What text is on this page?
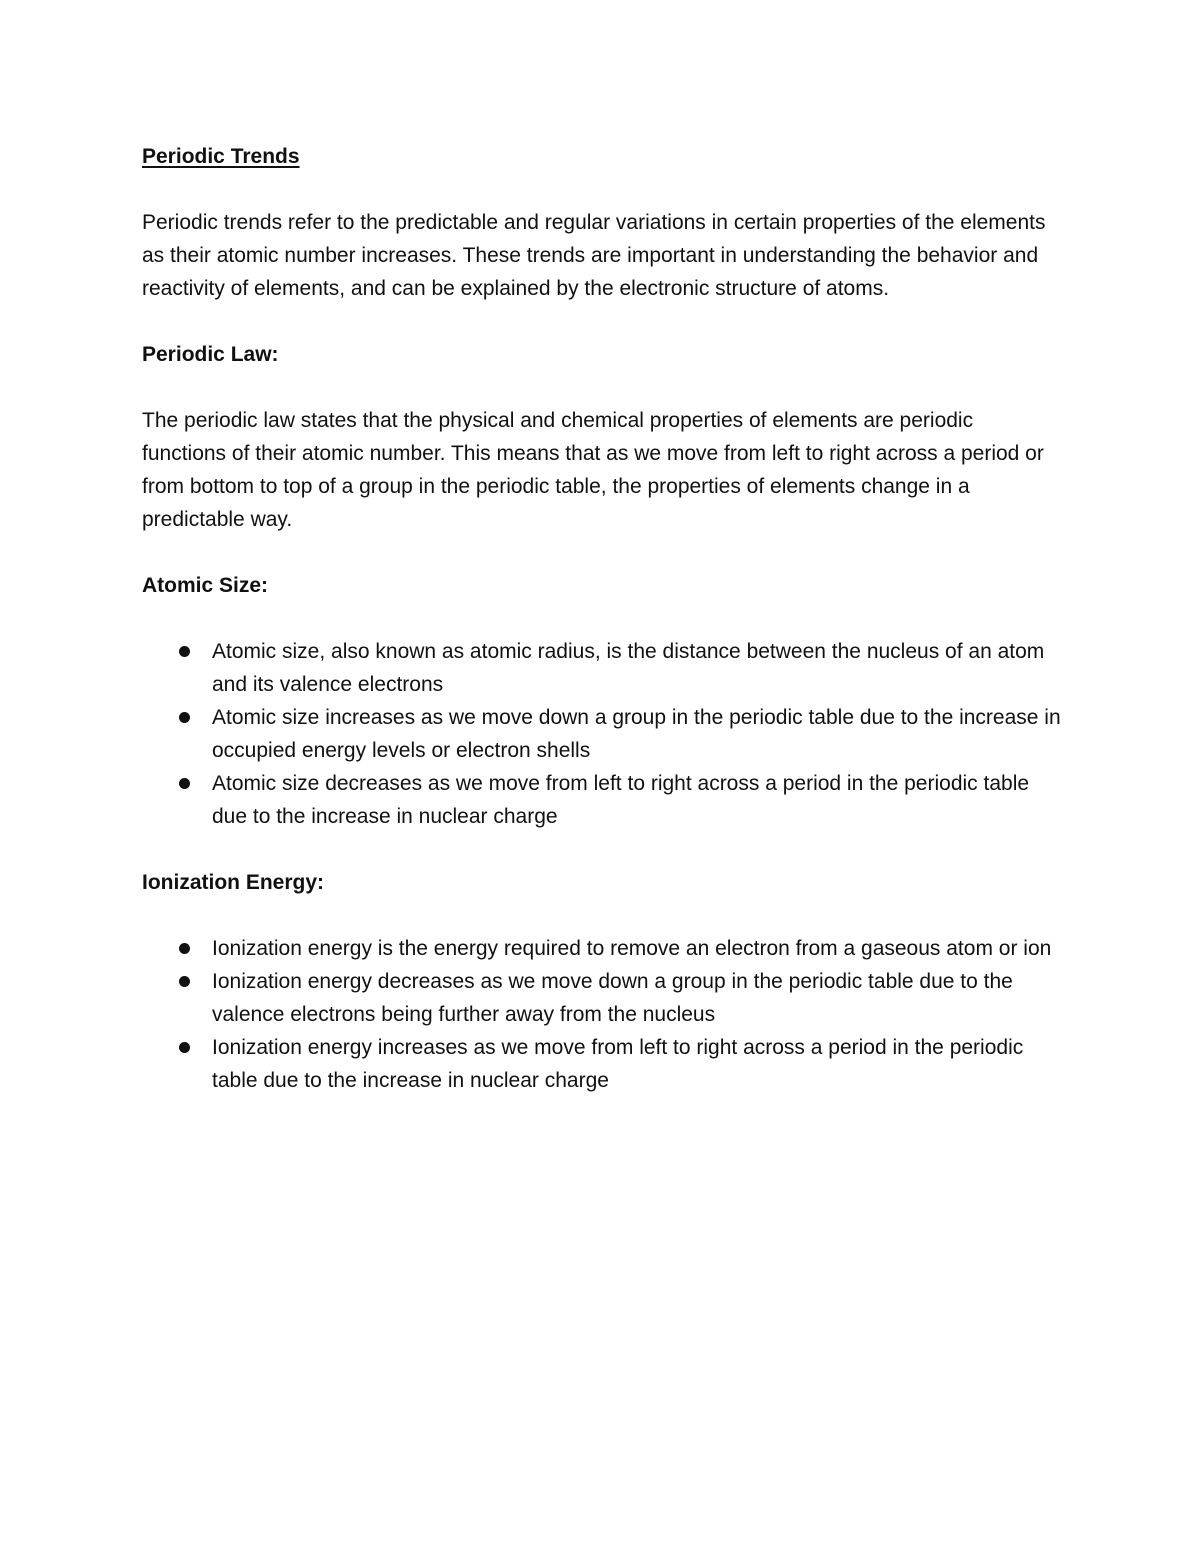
Periodic Trends

Periodic trends refer to the predictable and regular variations in certain properties of the elements as their atomic number increases. These trends are important in understanding the behavior and reactivity of elements, and can be explained by the electronic structure of atoms.

Periodic Law:

The periodic law states that the physical and chemical properties of elements are periodic functions of their atomic number. This means that as we move from left to right across a period or from bottom to top of a group in the periodic table, the properties of elements change in a predictable way.

Atomic Size:
Atomic size, also known as atomic radius, is the distance between the nucleus of an atom and its valence electrons
Atomic size increases as we move down a group in the periodic table due to the increase in occupied energy levels or electron shells
Atomic size decreases as we move from left to right across a period in the periodic table due to the increase in nuclear charge
Ionization Energy:
Ionization energy is the energy required to remove an electron from a gaseous atom or ion
Ionization energy decreases as we move down a group in the periodic table due to the valence electrons being further away from the nucleus
Ionization energy increases as we move from left to right across a period in the periodic table due to the increase in nuclear charge
